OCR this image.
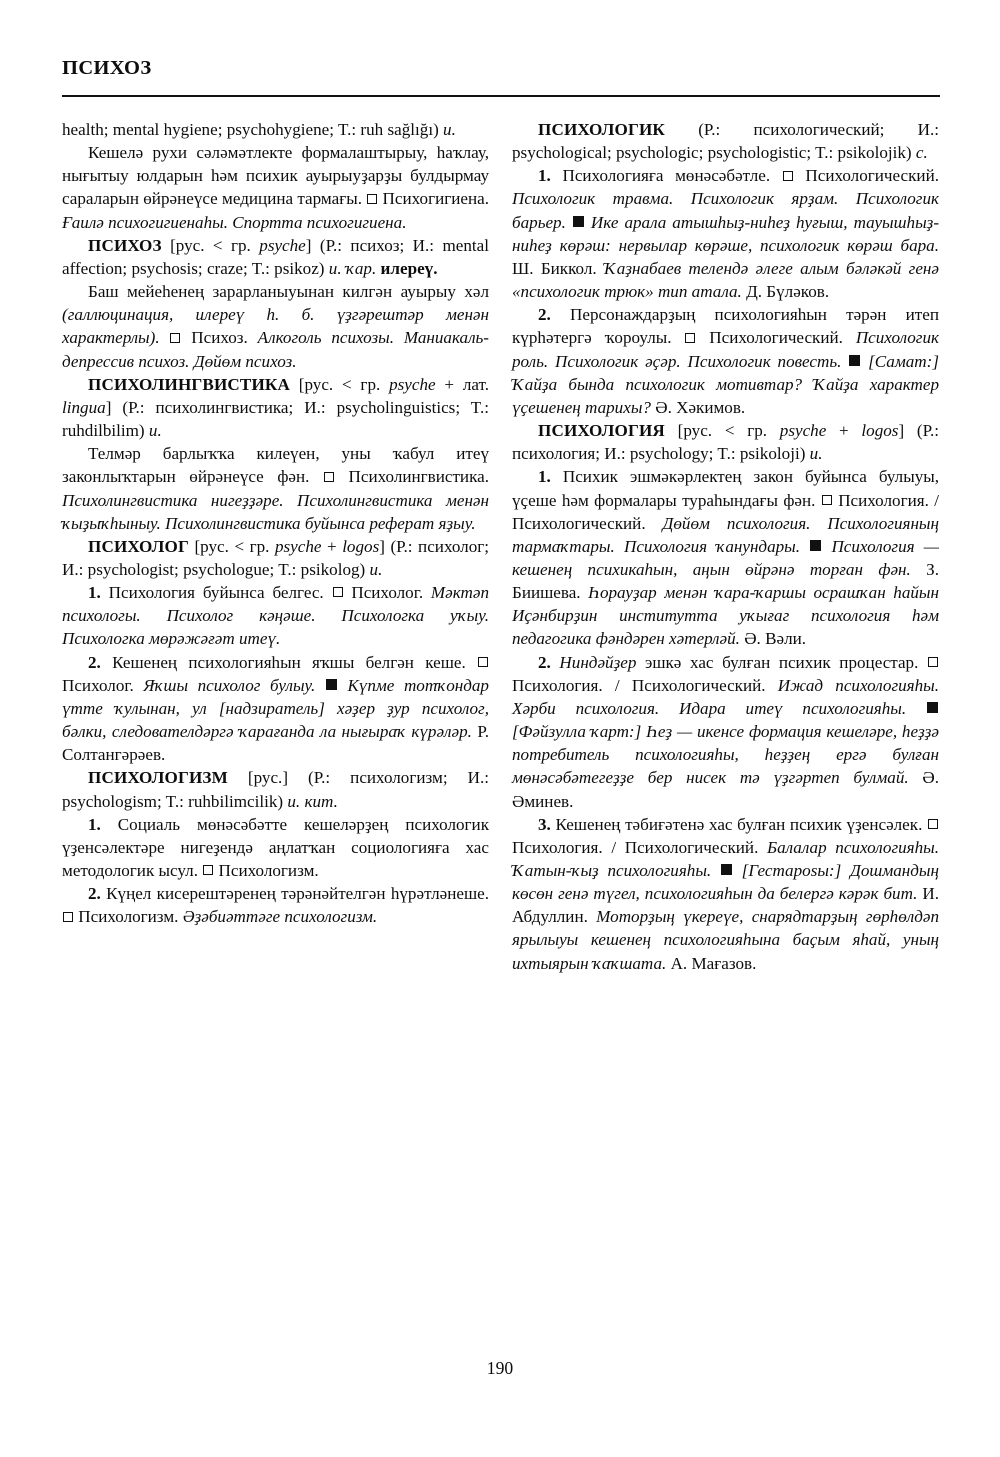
ПСИХОЗ

health; mental hygiene; psychohygiene; T.: ruh sağlığı) и.

Кешелә рухи сәләмәтлекте формалаштырыу, һаҡлау, нығытыу юлдарын һәм психик ауырыуҙарҙы булдырмау сараларын өйрәнеүсе медицина тармағы.  Психогигиена. Ғаилә психогигиенаһы. Спортта психогигиена.

ПСИХОЗ [рус. < гр. psyche] (Р.: психоз; И.: mental affection; psychosis; craze; T.: psikoz) и. ҡар. илереү.

Баш мейеһенең зарарланыуынан килгән ауырыу хәл (галлюцинация, илереү һ. б. үҙгәрештәр менән характерлы).  Психоз. Алкоголь психозы. Маниакаль-депрессив психоз. Дөйөм психоз.

ПСИХОЛИНГВИСТИКА [рус. < гр. psyche + лат. lingua] (Р.: психолингвистика; И.: psycholinguistics; T.: ruhdilbilim) и.

Телмәр барлыҡҡа килеүен, уны ҡабул итеү законлыҡтарын өйрәнеүсе фән.  Психолингвистика. Психолингвистика нигеҙҙәре. Психолингвистика менән ҡыҙыҡһыныу. Психолингвистика буйынса реферат яҙыу.

ПСИХОЛОГ [рус. < гр. psyche + logos] (Р.: психолог; И.: psychologist; psychologue; T.: psikolog) и.

1. Психология буйынса белгес.  Психолог. Мәктәп психологы. Психолог кәңәше. Психологка уҡыу. Психологка мөрәжәғәт итеү.

2. Кешенең психологияһын яҡшы белгән кеше.  Психолог. Яҡшы психолог булыу.  Күпме тотҡондар үтте ҡулынан, ул [надзиратель] хәҙер ҙур психолог, бәлки, следователдәргә ҡарағанда ла нығыраҡ күрәләр. Р. Солтангәрәев.

ПСИХОЛОГИЗМ [рус.] (Р.: психологизм; И.: psychologism; T.: ruhbilimcilik) и. кит.

1. Социаль мөнәсәбәтте кешеләрҙең психологик үҙенсәлектәре нигеҙендә аңлатҡан социологияға хас методологик ысул.  Психологизм.

2. Күңел кисерештәренең тәрәнәйтелгән һүрәтләнеше.  Психологизм. Әҙәбиәттәге психологизм.

ПСИХОЛОГИК (Р.: психологический; И.: psychological; psychologic; psychologistic; T.: psikolojik) с.

1. Психологияға мөнәсәбәтле.  Психологический. Психологик травма. Психологик ярҙам. Психологик барьер.  Ике арала атышһыҙ-ниһеҙ һуғыш, тауышһыҙ-ниһеҙ көрәш: нервылар көрәше, психологик көрәш бара. Ш. Биккол. Ҡаҙнабаев телендә әлеге алым бәләкәй генә «психологик трюк» тип атала. Д. Бүләков.

2. Персонаждарҙың психологияһын тәрән итеп күрһәтергә ҡороулы.  Психологический. Психологик роль. Психологик әҫәр. Психологик повесть.  [Самат:] Ҡайҙа бында психологик мотивтар? Ҡайҙа характер үҫешенең тарихы? Ә. Хәкимов.

ПСИХОЛОГИЯ [рус. < гр. psyche + logos] (Р.: психология; И.: psychology; T.: psikoloji) и.

1. Психик эшмәкәрлектең закон буйынса булыуы, үҫеше һәм формалары тураһындағы фән.  Психология. / Психологический. Дөйөм психология. Психологияның тармаҡтары. Психология ҡанундары.  Психология — кешенең психикаһын, аңын өйрәнә торған фән. З. Биишева. Һорауҙар менән ҡара-ҡаршы осрашҡан һайын Иҫәнбирҙин институтта уҡығаг психология һәм педагогика фәндәрен хәтерләй. Ә. Вәли.

2. Ниндәйҙер эшкә хас булған психик процестар.  Психология. / Психологический. Ижад психологияһы. Хәрби психология. Идара итеү психологияһы.  [Фәйзулла ҡарт:] Һеҙ — икенсе формация кешеләре, һеҙҙә потребитель психологияһы, һеҙҙең ергә булған мөнәсәбәтегеҙҙе бер нисек тә үҙгәртеп булмай. Ә. Әминев.

3. Кешенең тәбиғәтенә хас булған психик үҙенсәлек.  Психология. / Психологический. Балалар психологияһы. Ҡатын-ҡыҙ психологияһы.  [Гестаposы:] Дошмандың көсөн генә түгел, психологияһын да белергә кәрәк бит. И. Абдуллин. Моторҙың үкереүе, снарядтарҙың гөрһөлдәп ярылыуы кешенең психологияһына баҫым яһай, уның ихтыярын ҡаҡшата. А. Мағазов.

190
